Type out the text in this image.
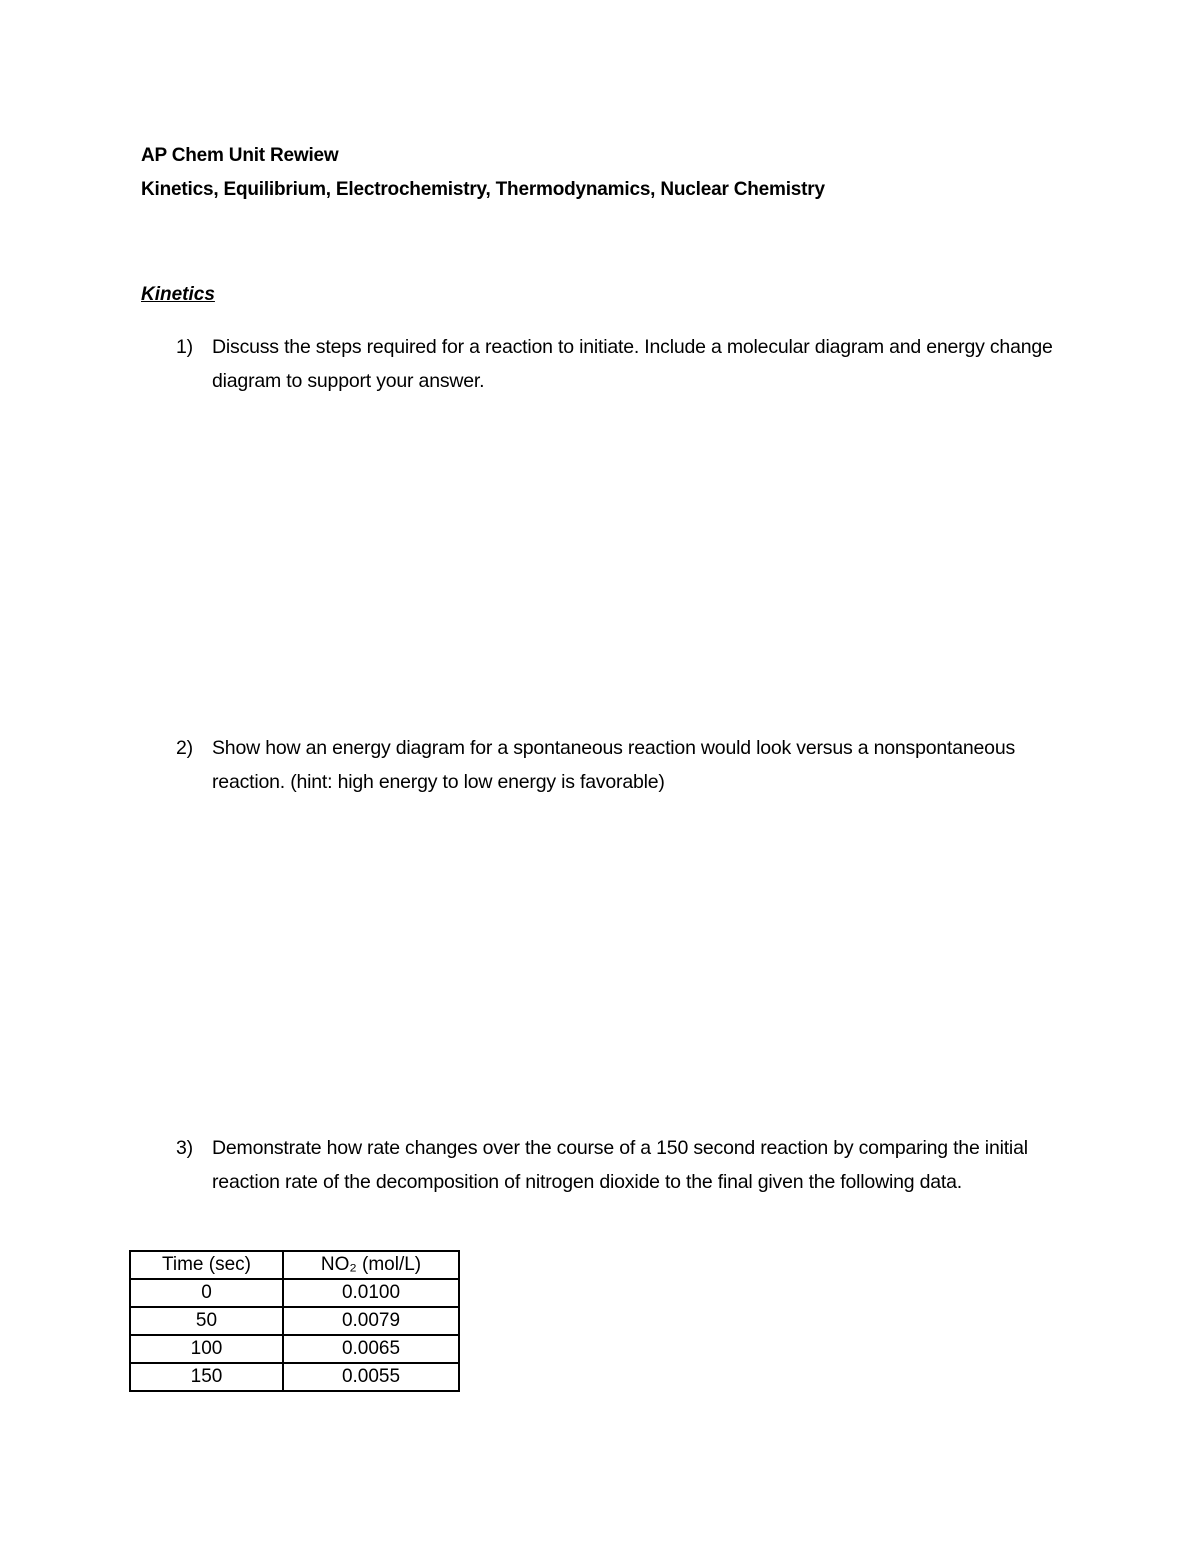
AP Chem Unit Rewiew
Kinetics, Equilibrium, Electrochemistry, Thermodynamics, Nuclear Chemistry
Kinetics
1) Discuss the steps required for a reaction to initiate. Include a molecular diagram and energy change diagram to support your answer.
2) Show how an energy diagram for a spontaneous reaction would look versus a nonspontaneous reaction. (hint: high energy to low energy is favorable)
3) Demonstrate how rate changes over the course of a 150 second reaction by comparing the initial reaction rate of the decomposition of nitrogen dioxide to the final given the following data.
Time (sec)	NO₂ (mol/L)
0	0.0100
50	0.0079
100	0.0065
150	0.0055
